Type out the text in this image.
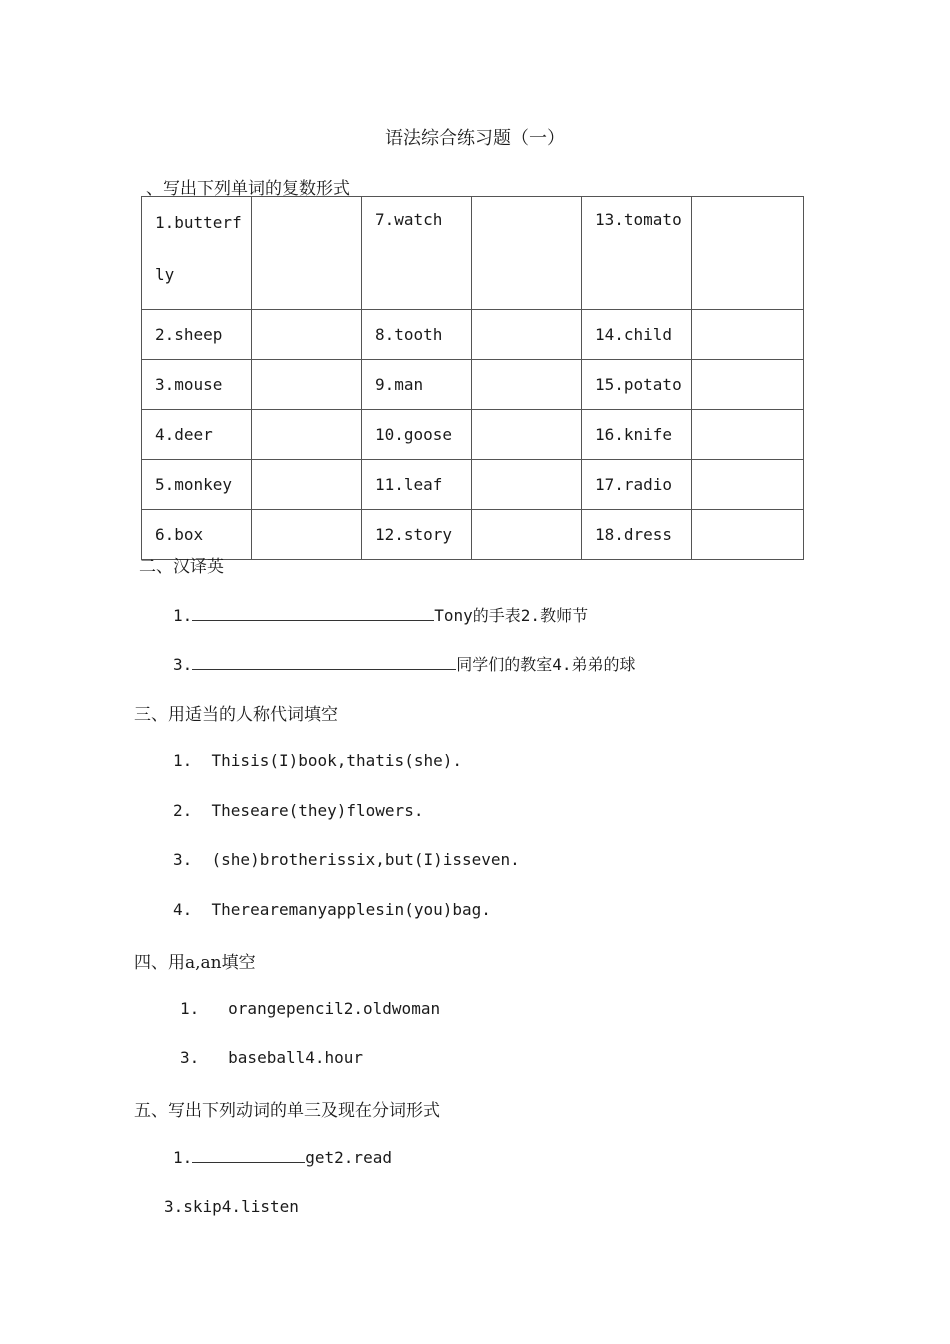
语法综合练习题（一）
、写出下列单词的复数形式
1.butterfly		7.watch		13.tomato	
2.sheep		8.tooth		14.child	
3.mouse		9.man		15.potato	
4.deer		10.goose		16.knife	
5.monkey		11.leaf		17.radio	
6.box		12.story		18.dress	
二、汉译英
1.	Tony的手表2.教师节
3.	同学们的教室4.弟弟的球
三、用适当的人称代词填空
1.  Thisis(I)book,thatis(she).
2.  Theseare(they)flowers.
3.  (she)brotherissix,but(I)isseven.
4.  Therearemanyapplesin(you)bag.
四、用a,an填空
1.   orangepencil2.oldwoman
3.   baseball4.hour
五、写出下列动词的单三及现在分词形式
1.	get2.read
3.skip4.listen
